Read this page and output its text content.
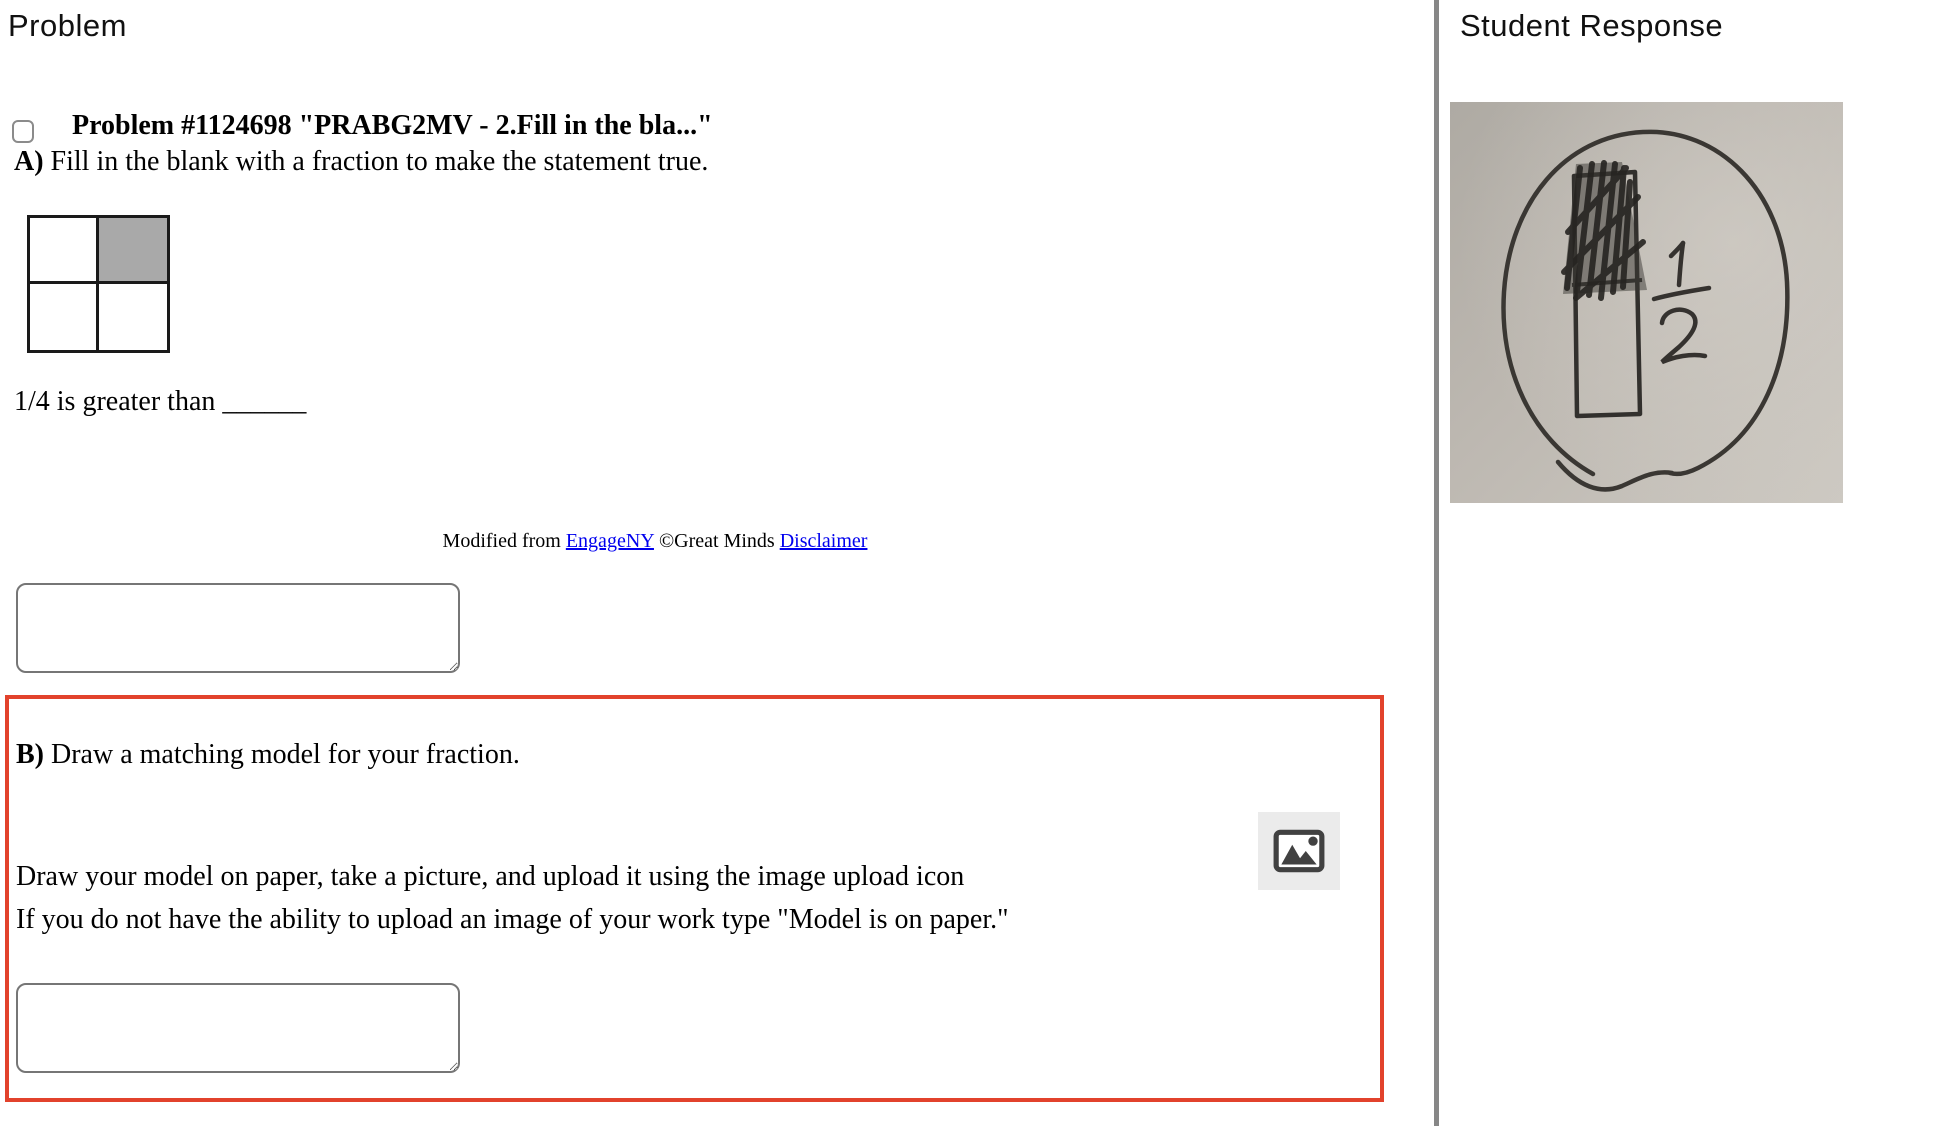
Problem
Problem #1124698 "PRABG2MV - 2.Fill in the bla..."
A) Fill in the blank with a fraction to make the statement true.
1/4 is greater than ______
Modified from EngageNY ©Great Minds Disclaimer
B) Draw a matching model for your fraction.
Draw your model on paper, take a picture, and upload it using the image upload icon
If you do not have the ability to upload an image of your work type "Model is on paper."
Student Response
